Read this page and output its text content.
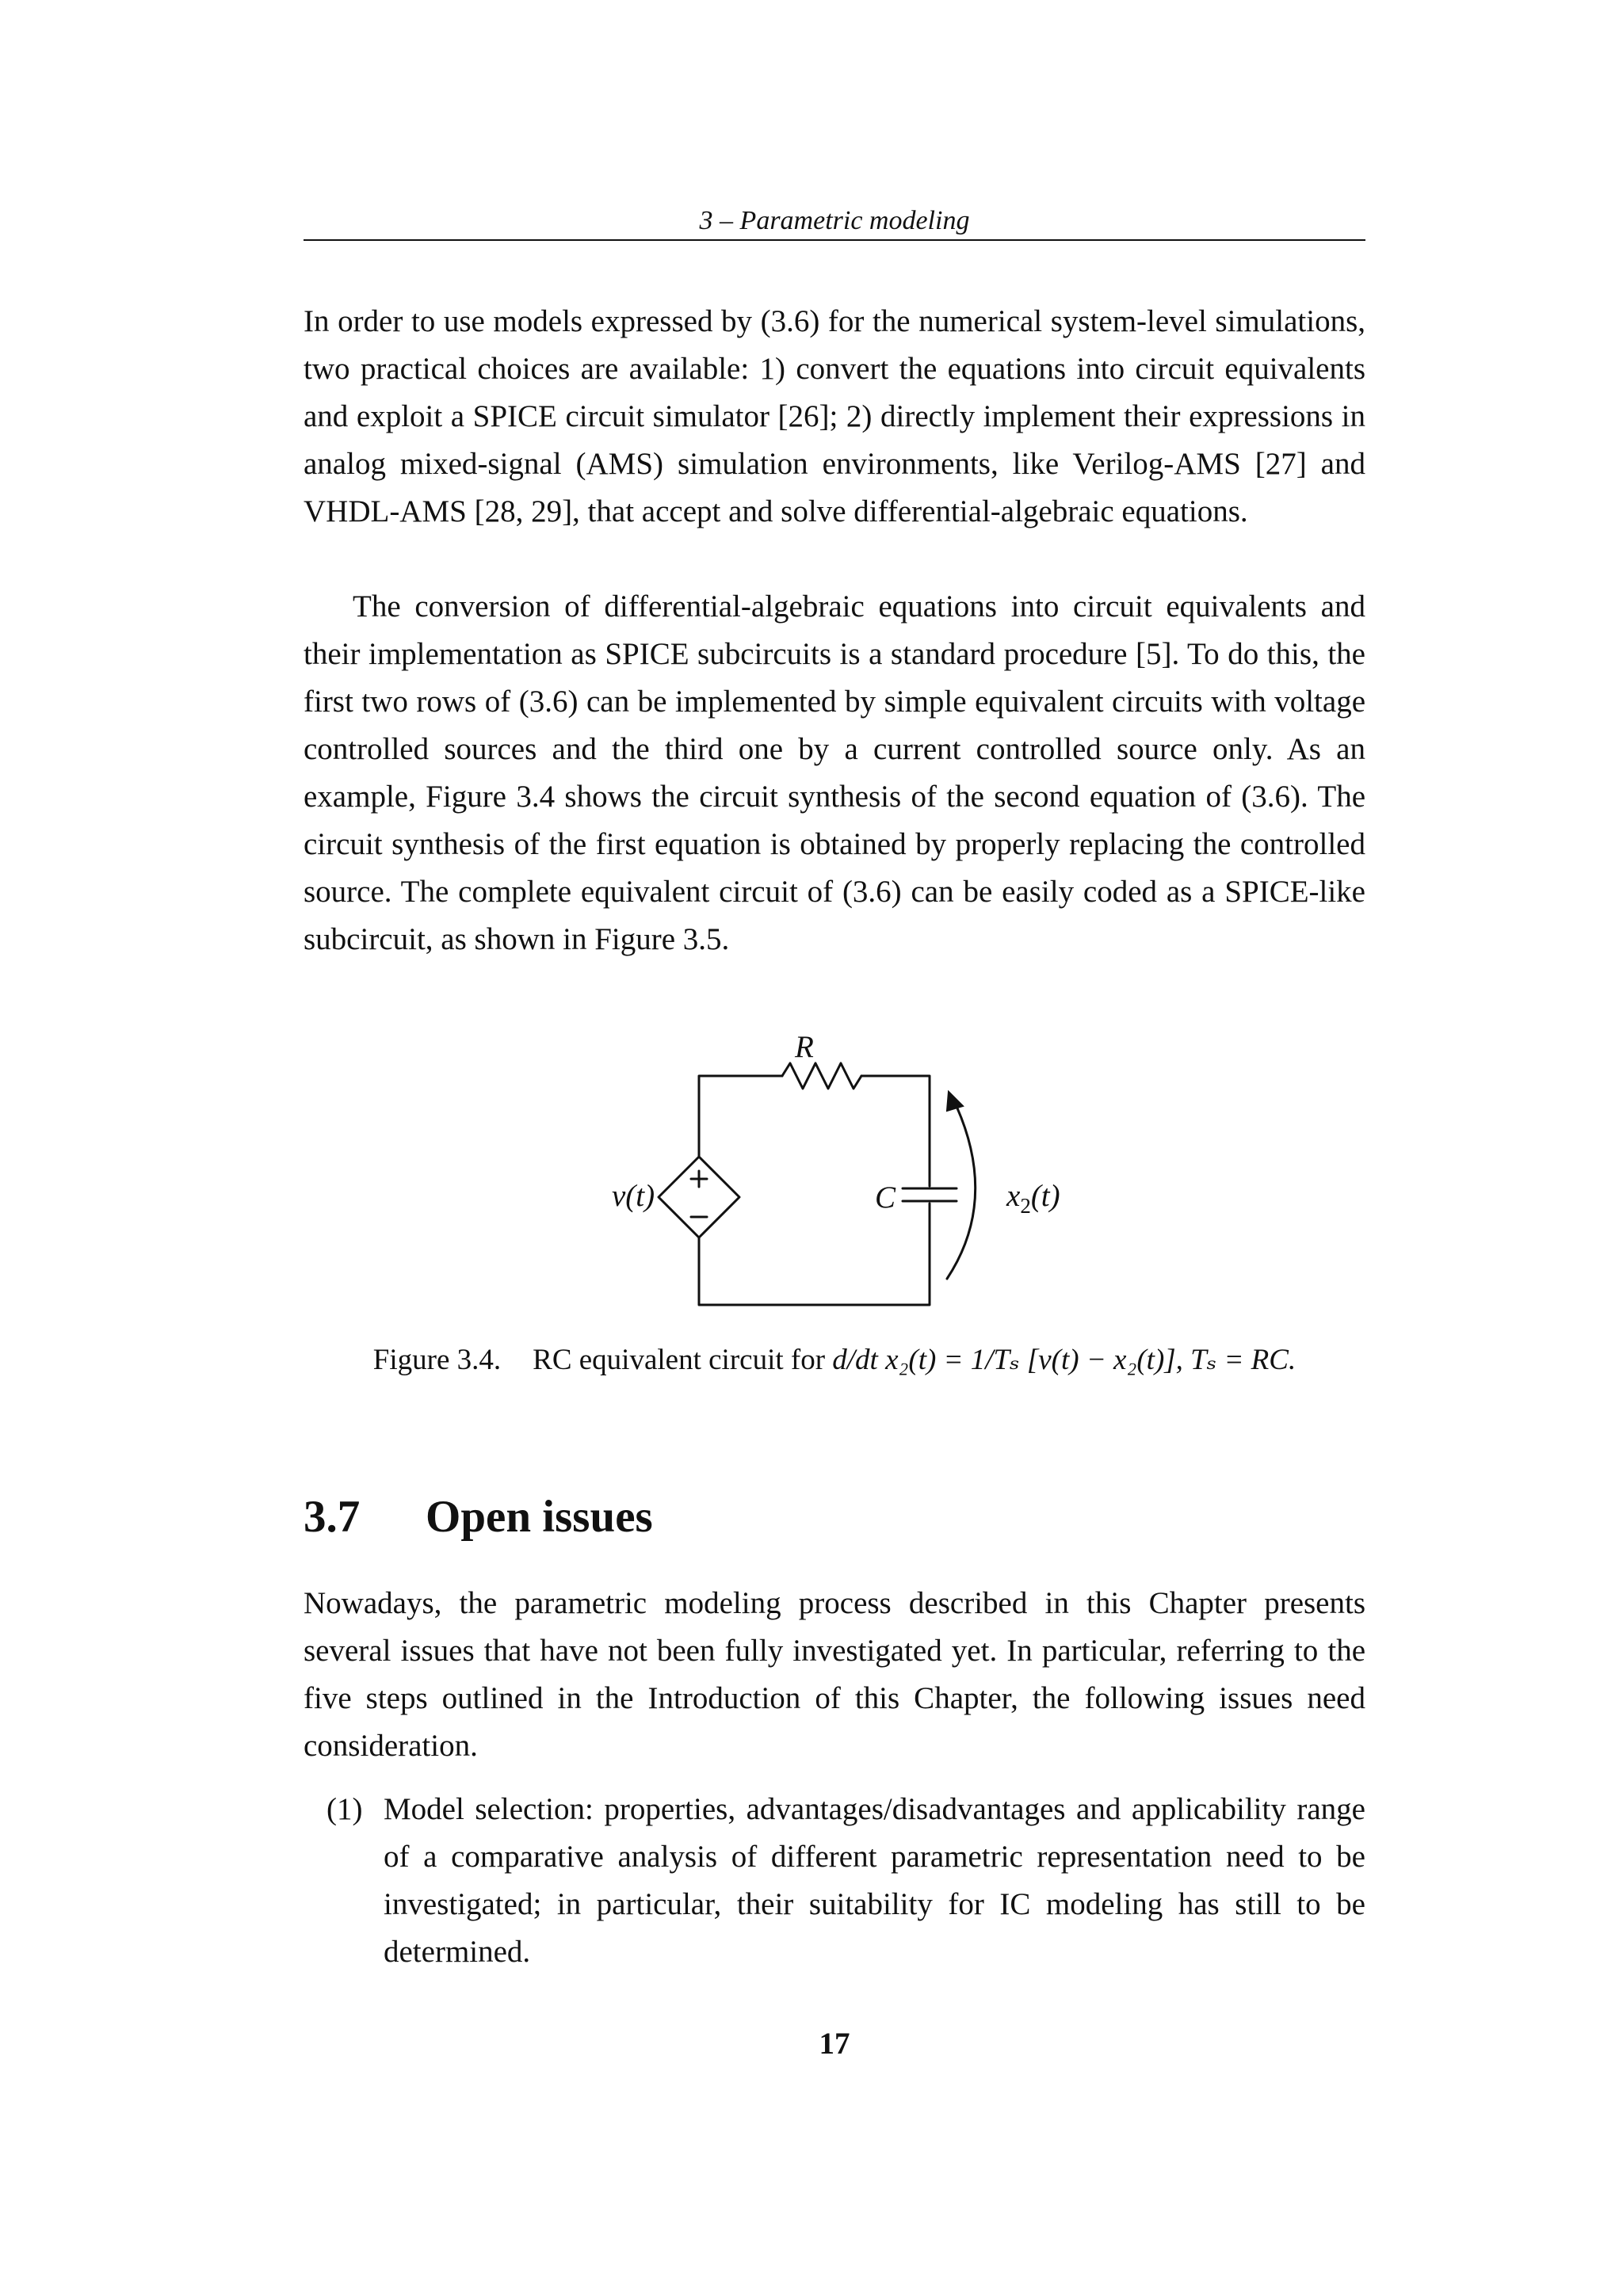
3 – Parametric modeling

In order to use models expressed by (3.6) for the numerical system-level simulations, two practical choices are available: 1) convert the equations into circuit equivalents and exploit a SPICE circuit simulator [26]; 2) directly implement their expressions in analog mixed-signal (AMS) simulation environments, like Verilog-AMS [27] and VHDL-AMS [28, 29], that accept and solve differential-algebraic equations.

The conversion of differential-algebraic equations into circuit equivalents and their implementation as SPICE subcircuits is a standard procedure [5]. To do this, the first two rows of (3.6) can be implemented by simple equivalent circuits with voltage controlled sources and the third one by a current controlled source only. As an example, Figure 3.4 shows the circuit synthesis of the second equation of (3.6). The circuit synthesis of the first equation is obtained by properly replacing the controlled source. The complete equivalent circuit of (3.6) can be easily coded as a SPICE-like subcircuit, as shown in Figure 3.5.

R
v(t)	C	$x_2(t)$
Figure 3.4. RC equivalent circuit for d/dt x₂(t) = 1/Tₛ [v(t) − x₂(t)], Tₛ = RC.
3.7 Open issues

Nowadays, the parametric modeling process described in this Chapter presents several issues that have not been fully investigated yet. In particular, referring to the five steps outlined in the Introduction of this Chapter, the following issues need consideration.

(1) Model selection: properties, advantages/disadvantages and applicability range of a comparative analysis of different parametric representation need to be investigated; in particular, their suitability for IC modeling has still to be determined.
17
